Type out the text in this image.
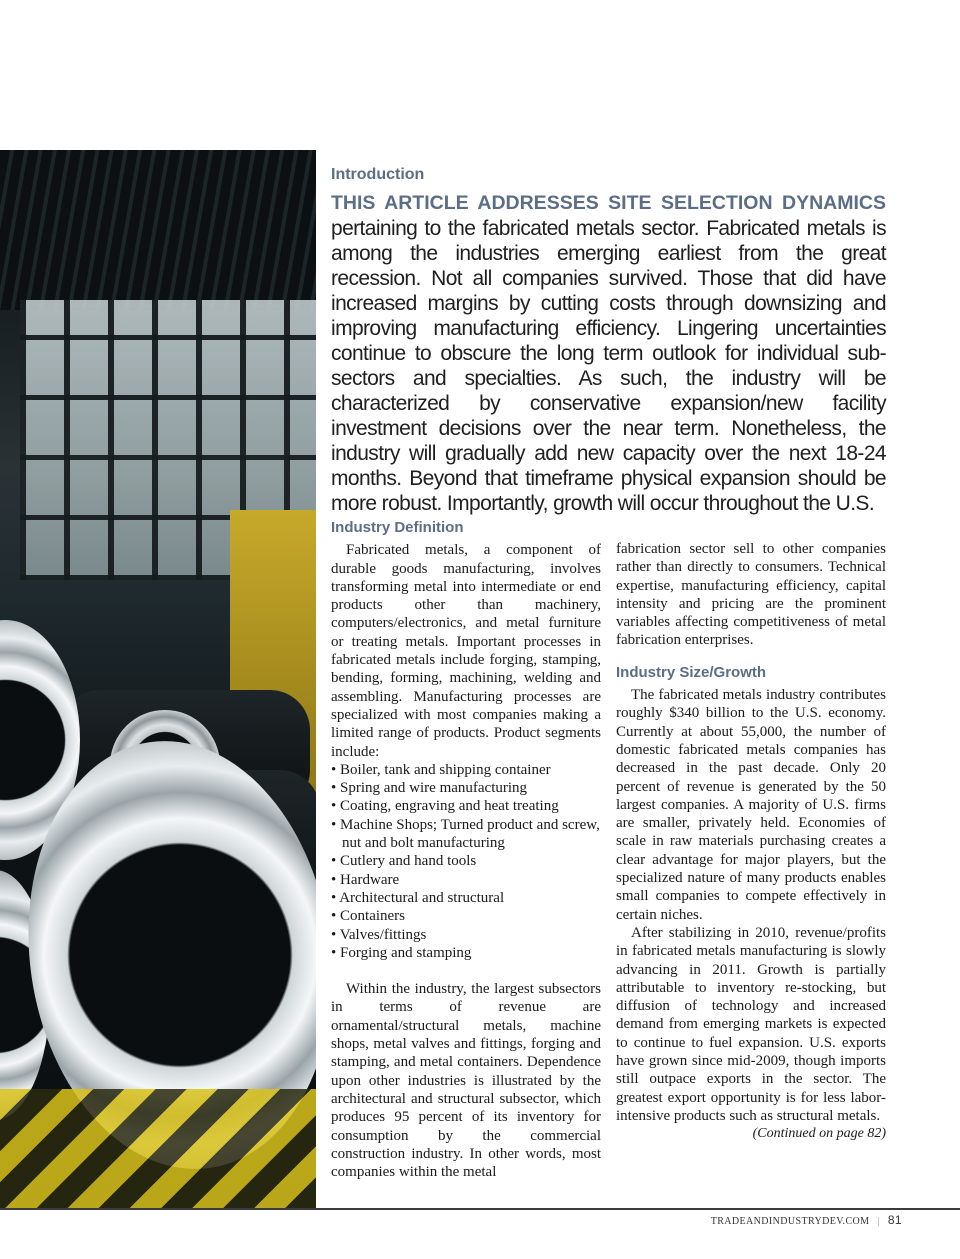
Introduction
THIS ARTICLE ADDRESSES SITE SELECTION DYNAMICS pertaining to the fabricated metals sector. Fabricated metals is among the industries emerging earliest from the great recession. Not all companies survived. Those that did have increased margins by cutting costs through downsizing and improving manufacturing efficiency. Lingering uncertainties continue to obscure the long term outlook for individual sub-sectors and specialties. As such, the industry will be characterized by conservative expansion/new facility investment decisions over the near term. Nonetheless, the industry will gradually add new capacity over the next 18-24 months. Beyond that timeframe physical expansion should be more robust. Importantly, growth will occur throughout the U.S.
Industry Definition

Fabricated metals, a component of durable goods manufacturing, involves transforming metal into intermediate or end products other than machinery, computers/electronics, and metal furniture or treating metals. Important processes in fabricated metals include forging, stamping, bending, forming, machining, welding and assembling. Manufacturing processes are specialized with most companies making a limited range of products. Product segments include:

• Boiler, tank and shipping container
• Spring and wire manufacturing
• Coating, engraving and heat treating
• Machine Shops; Turned product and screw, nut and bolt manufacturing
• Cutlery and hand tools
• Hardware
• Architectural and structural
• Containers
• Valves/fittings
• Forging and stamping

Within the industry, the largest subsectors in terms of revenue are ornamental/structural metals, machine shops, metal valves and fittings, forging and stamping, and metal containers. Dependence upon other industries is illustrated by the architectural and structural subsector, which produces 95 percent of its inventory for consumption by the commercial construction industry. In other words, most companies within the metal

fabrication sector sell to other companies rather than directly to consumers. Technical expertise, manufacturing efficiency, capital intensity and pricing are the prominent variables affecting competitiveness of metal fabrication enterprises.

Industry Size/Growth

The fabricated metals industry contributes roughly $340 billion to the U.S. economy. Currently at about 55,000, the number of domestic fabricated metals companies has decreased in the past decade. Only 20 percent of revenue is generated by the 50 largest companies. A majority of U.S. firms are smaller, privately held. Economies of scale in raw materials purchasing creates a clear advantage for major players, but the specialized nature of many products enables small companies to compete effectively in certain niches.

After stabilizing in 2010, revenue/profits in fabricated metals manufacturing is slowly advancing in 2011. Growth is partially attributable to inventory re-stocking, but diffusion of technology and increased demand from emerging markets is expected to continue to fuel expansion. U.S. exports have grown since mid-2009, though imports still outpace exports in the sector. The greatest export opportunity is for less labor-intensive products such as structural metals.
(Continued on page 82)

TRADEANDINDUSTRYDEV.COM | 81
